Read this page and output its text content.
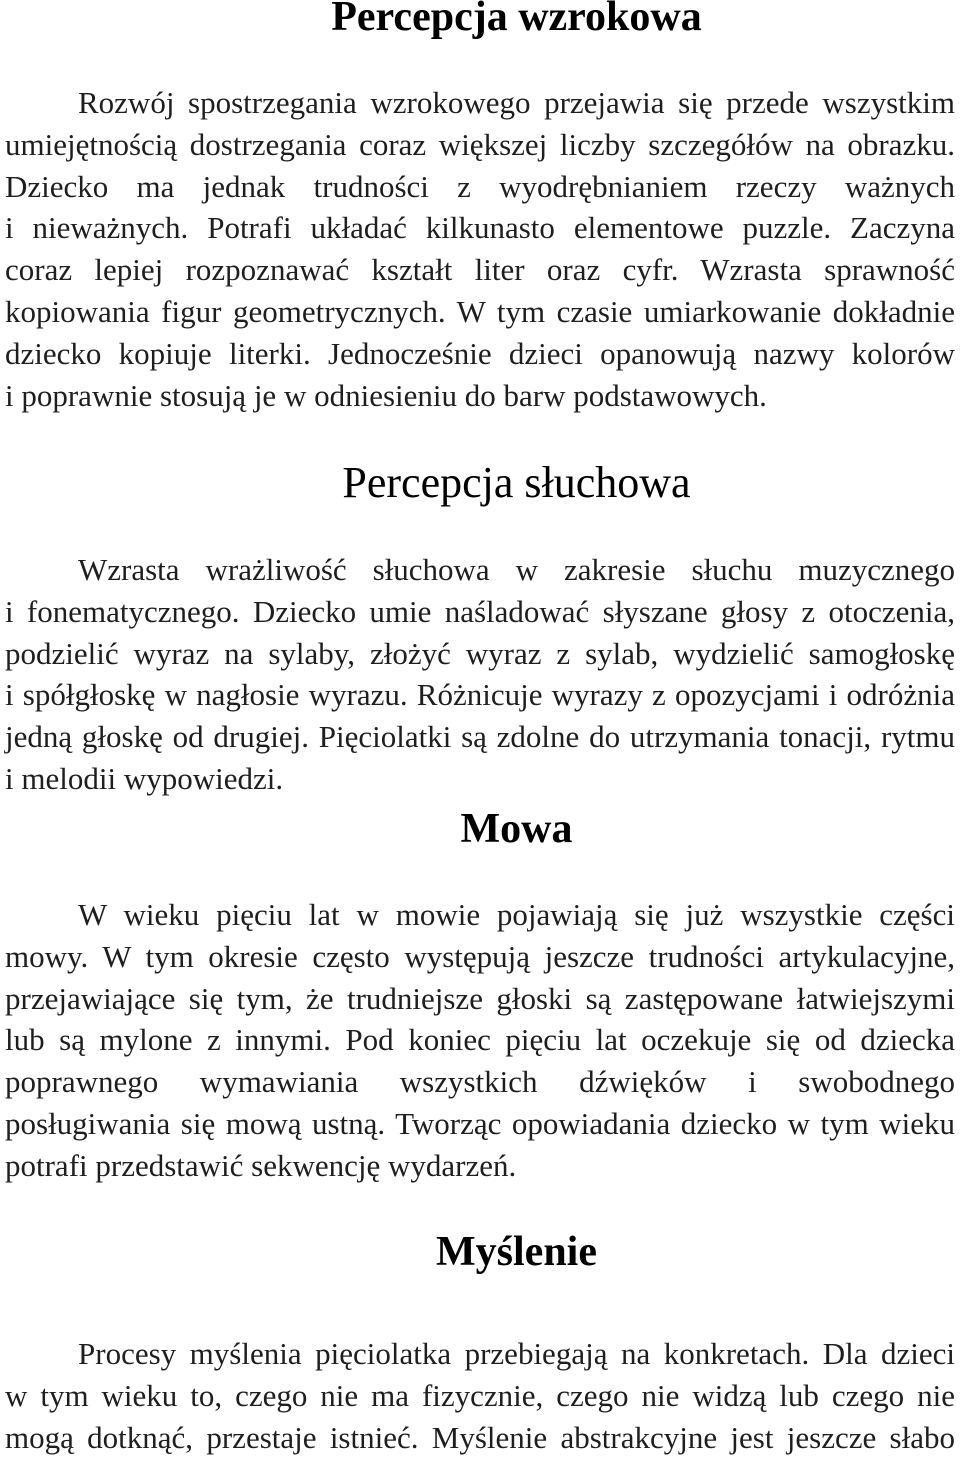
Percepcja wzrokowa
Rozwój spostrzegania wzrokowego przejawia się przede wszystkim
umiejętnością dostrzegania coraz większej liczby szczegółów na obrazku.
Dziecko ma jednak trudności z wyodrębnianiem rzeczy ważnych
i nieważnych. Potrafi układać kilkunasto elementowe puzzle. Zaczyna
coraz lepiej rozpoznawać kształt liter oraz cyfr. Wzrasta sprawność
kopiowania figur geometrycznych. W tym czasie umiarkowanie dokładnie
dziecko kopiuje literki. Jednocześnie dzieci opanowują nazwy kolorów
i poprawnie stosują je w odniesieniu do barw podstawowych.
Percepcja słuchowa
Wzrasta wrażliwość słuchowa w zakresie słuchu muzycznego
i fonematycznego. Dziecko umie naśladować słyszane głosy z otoczenia,
podzielić wyraz na sylaby, złożyć wyraz z sylab, wydzielić samogłoskę
i spółgłoskę w nagłosie wyrazu. Różnicuje wyrazy z opozycjami i odróżnia
jedną głoskę od drugiej. Pięciolatki są zdolne do utrzymania tonacji, rytmu
i melodii wypowiedzi.
Mowa
W wieku pięciu lat w mowie pojawiają się już wszystkie części
mowy. W tym okresie często występują jeszcze trudności artykulacyjne,
przejawiające się tym, że trudniejsze głoski są zastępowane łatwiejszymi
lub są mylone z innymi. Pod koniec pięciu lat oczekuje się od dziecka
poprawnego wymawiania wszystkich dźwięków i swobodnego
posługiwania się mową ustną. Tworząc opowiadania dziecko w tym wieku
potrafi przedstawić sekwencję wydarzeń.
Myślenie
Procesy myślenia pięciolatka przebiegają na konkretach. Dla dzieci
w tym wieku to, czego nie ma fizycznie, czego nie widzą lub czego nie
mogą dotknąć, przestaje istnieć. Myślenie abstrakcyjne jest jeszcze słabo
